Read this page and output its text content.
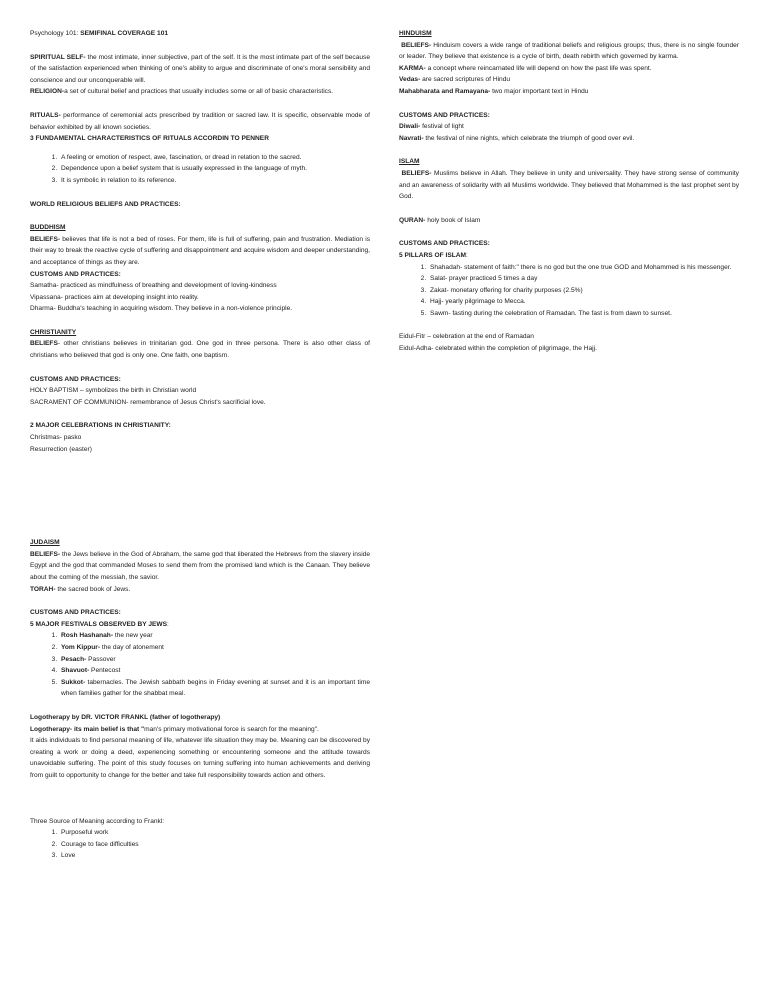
Psychology 101: SEMIFINAL COVERAGE 101

SPIRITUAL SELF- the most intimate, inner subjective, part of the self. It is the most intimate part of the self because of the satisfaction experienced when thinking of one's ability to argue and discriminate of one's moral sensibility and conscience and our unconquerable will.

RELIGION-a set of cultural belief and practices that usually includes some or all of basic characteristics.

RITUALS- performance of ceremonial acts prescribed by tradition or sacred law. It is specific, observable mode of behavior exhibited by all known societies.

3 FUNDAMENTAL CHARACTERISTICS OF RITUALS ACCORDIN TO PENNER

1. A feeling or emotion of respect, awe, fascination, or dread in relation to the sacred.
2. Dependence upon a belief system that is usually expressed in the language of myth.
3. It is symbolic in relation to its reference.

WORLD RELIGIOUS BELIEFS AND PRACTICES:

BUDDHISM

BELIEFS- believes that life is not a bed of roses. For them, life is full of suffering, pain and frustration. Mediation is their way to break the reactive cycle of suffering and disappointment and acquire wisdom and deeper understanding, and acceptance of things as they are.

CUSTOMS AND PRACTICES:

Samatha- practiced as mindfulness of breathing and development of loving-kindness

Vipassana- practices aim at developing insight into reality.

Dharma- Buddha's teaching in acquiring wisdom. They believe in a non-violence principle.

CHRISTIANITY

BELIEFS- other christians believes in trinitarian god. One god in three persona. There is also other class of christians who believed that god is only one. One faith, one baptism.

CUSTOMS AND PRACTICES:

HOLY BAPTISM – symbolizes the birth in Christian world

SACRAMENT OF COMMUNION- remembrance of Jesus Christ's sacrificial love.

2 MAJOR CELEBRATIONS IN CHRISTIANITY:

Christmas- pasko

Resurrection (easter)

JUDAISM

BELIEFS- the Jews believe in the God of Abraham, the same god that liberated the Hebrews from the slavery inside Egypt and the god that commanded Moses to send them from the promised land which is the Canaan. They believe about the coming of the messiah, the savior.

TORAH- the sacred book of Jews.

CUSTOMS AND PRACTICES:

5 MAJOR FESTIVALS OBSERVED BY JEWS:

1. Rosh Hashanah- the new year
2. Yom Kippur- the day of atonement
3. Pesach- Passover
4. Shavuot- Pentecost
5. Sukkot- tabernacles. The Jewish sabbath begins in Friday evening at sunset and it is an important time when families gather for the shabbat meal.

Logotherapy by DR. VICTOR FRANKL (father of logotherapy)

Logotherapy- its main belief is that "man's primary motivational force is search for the meaning".

It aids individuals to find personal meaning of life, whatever life situation they may be. Meaning can be discovered by creating a work or doing a deed, experiencing something or encountering someone and the attitude towards unavoidable suffering. The point of this study focuses on turning suffering into human achievements and deriving from guilt to opportunity to change for the better and take full responsibility towards action and others.

Three Source of Meaning according to Frankl:

1. Purposeful work
2. Courage to face difficulties
3. Love

HINDUISM

BELIEFS- Hinduism covers a wide range of traditional beliefs and religious groups; thus, there is no single founder or leader. They believe that existence is a cycle of birth, death rebirth which governed by karma.

KARMA- a concept where reincarnated life will depend on how the past life was spent.

Vedas- are sacred scriptures of Hindu

Mahabharata and Ramayana- two major important text in Hindu

CUSTOMS AND PRACTICES:

Diwali- festival of light

Navrati- the festival of nine nights, which celebrate the triumph of good over evil.

ISLAM

BELIEFS- Muslims believe in Allah. They believe in unity and universality. They have strong sense of community and an awareness of solidarity with all Muslims worldwide. They believed that Mohammed is the last prophet sent by God.

QURAN- holy book of Islam

CUSTOMS AND PRACTICES:

5 PILLARS OF ISLAM:

1. Shahadah- statement of faith:" there is no god but the one true GOD and Mohammed is his messenger.
2. Salat- prayer practiced 5 times a day
3. Zakat- monetary offering for charity purposes (2.5%)
4. Hajj- yearly pilgrimage to Mecca.
5. Sawm- fasting during the celebration of Ramadan. The fast is from dawn to sunset.

Eidul-Fitr – celebration at the end of Ramadan

Eidul-Adha- celebrated within the completion of pilgrimage, the Hajj.
